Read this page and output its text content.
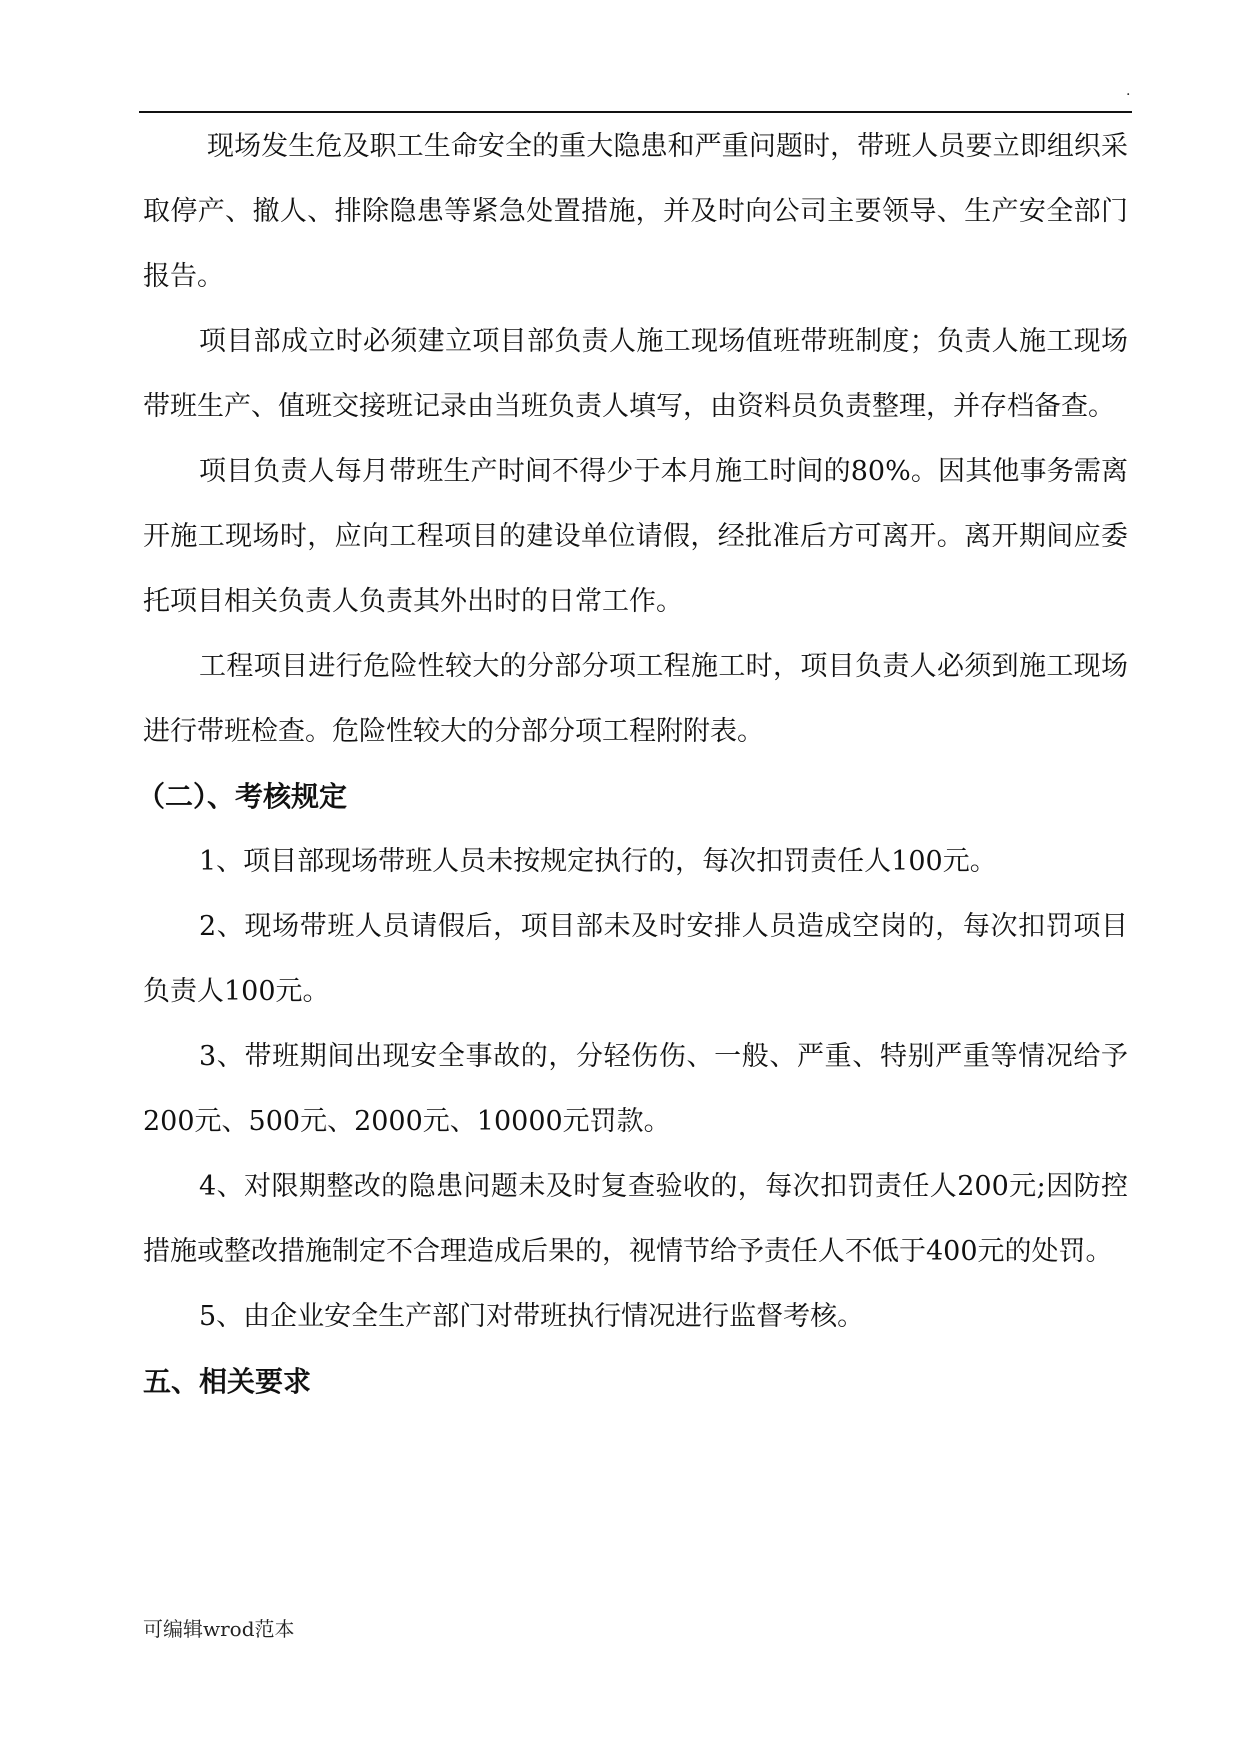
.

现场发生危及职工生命安全的重大隐患和严重问题时，带班人员要立即组织采取停产、撤人、排除隐患等紧急处置措施，并及时向公司主要领导、生产安全部门报告。

项目部成立时必须建立项目部负责人施工现场值班带班制度；负责人施工现场带班生产、值班交接班记录由当班负责人填写，由资料员负责整理，并存档备查。

项目负责人每月带班生产时间不得少于本月施工时间的80%。因其他事务需离开施工现场时，应向工程项目的建设单位请假，经批准后方可离开。离开期间应委托项目相关负责人负责其外出时的日常工作。

工程项目进行危险性较大的分部分项工程施工时，项目负责人必须到施工现场进行带班检查。危险性较大的分部分项工程附附表。

（二）、考核规定

1、项目部现场带班人员未按规定执行的，每次扣罚责任人100元。

2、现场带班人员请假后，项目部未及时安排人员造成空岗的，每次扣罚项目负责人100元。

3、带班期间出现安全事故的，分轻伤伤、一般、严重、特别严重等情况给予200元、500元、2000元、10000元罚款。

4、对限期整改的隐患问题未及时复查验收的，每次扣罚责任人200元;因防控措施或整改措施制定不合理造成后果的，视情节给予责任人不低于400元的处罚。

5、由企业安全生产部门对带班执行情况进行监督考核。

五、相关要求
可编辑wrod范本
